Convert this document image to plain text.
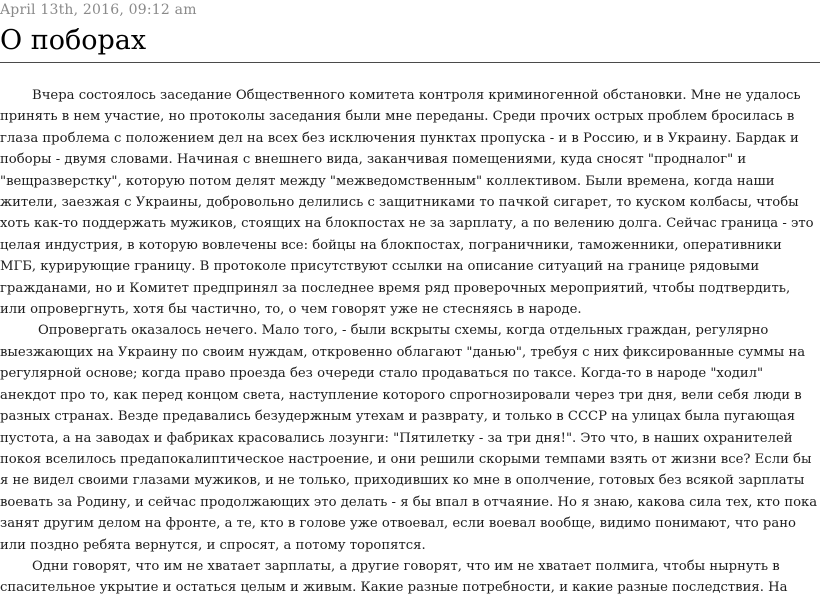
April 13th, 2016, 09:12 am
О поборах

Вчера состоялось заседание Общественного комитета контроля криминогенной обстановки. Мне не удалось принять в нем участие, но протоколы заседания были мне переданы. Среди прочих острых проблем бросилась в глаза проблема с положением дел на всех без исключения пунктах пропуска - и в Россию, и в Украину. Бардак и поборы - двумя словами. Начиная с внешнего вида, заканчивая помещениями, куда сносят "продналог" и "вещразверстку", которую потом делят между "межведомственным" коллективом. Были времена, когда наши жители, заезжая с Украины, добровольно делились с защитниками то пачкой сигарет, то куском колбасы, чтобы хоть как-то поддержать мужиков, стоящих на блокпостах не за зарплату, а по велению долга. Сейчас граница - это целая индустрия, в которую вовлечены все: бойцы на блокпостах, пограничники, таможенники, оперативники МГБ, курирующие границу. В протоколе присутствуют ссылки на описание ситуаций на границе рядовыми гражданами, но и Комитет предпринял за последнее время ряд проверочных мероприятий, чтобы подтвердить, или опровергнуть, хотя бы частично, то, о чем говорят уже не стесняясь в народе.

Опровергать оказалось нечего. Мало того, - были вскрыты схемы, когда отдельных граждан, регулярно выезжающих на Украину по своим нуждам, откровенно облагают "данью", требуя с них фиксированные суммы на регулярной основе; когда право проезда без очереди стало продаваться по таксе. Когда-то в народе "ходил" анекдот про то, как перед концом света, наступление которого спрогнозировали через три дня, вели себя люди в разных странах. Везде предавались безудержным утехам и разврату, и только в СССР на улицах была пугающая пустота, а на заводах и фабриках красовались лозунги: "Пятилетку - за три дня!". Это что, в наших охранителей покоя вселилось предапокалиптическое настроение, и они решили скорыми темпами взять от жизни все? Если бы я не видел своими глазами мужиков, и не только, приходивших ко мне в ополчение, готовых без всякой зарплаты воевать за Родину, и сейчас продолжающих это делать - я бы впал в отчаяние. Но я знаю, какова сила тех, кто пока занят другим делом на фронте, а те, кто в голове уже отвоевал, если воевал вообще, видимо понимают, что рано или поздно ребята вернутся, и спросят, а потому торопятся.

Одни говорят, что им не хватает зарплаты, а другие говорят, что им не хватает полмига, чтобы нырнуть в спасительное укрытие и остаться целым и живым. Какие разные потребности, и какие разные последствия. На
